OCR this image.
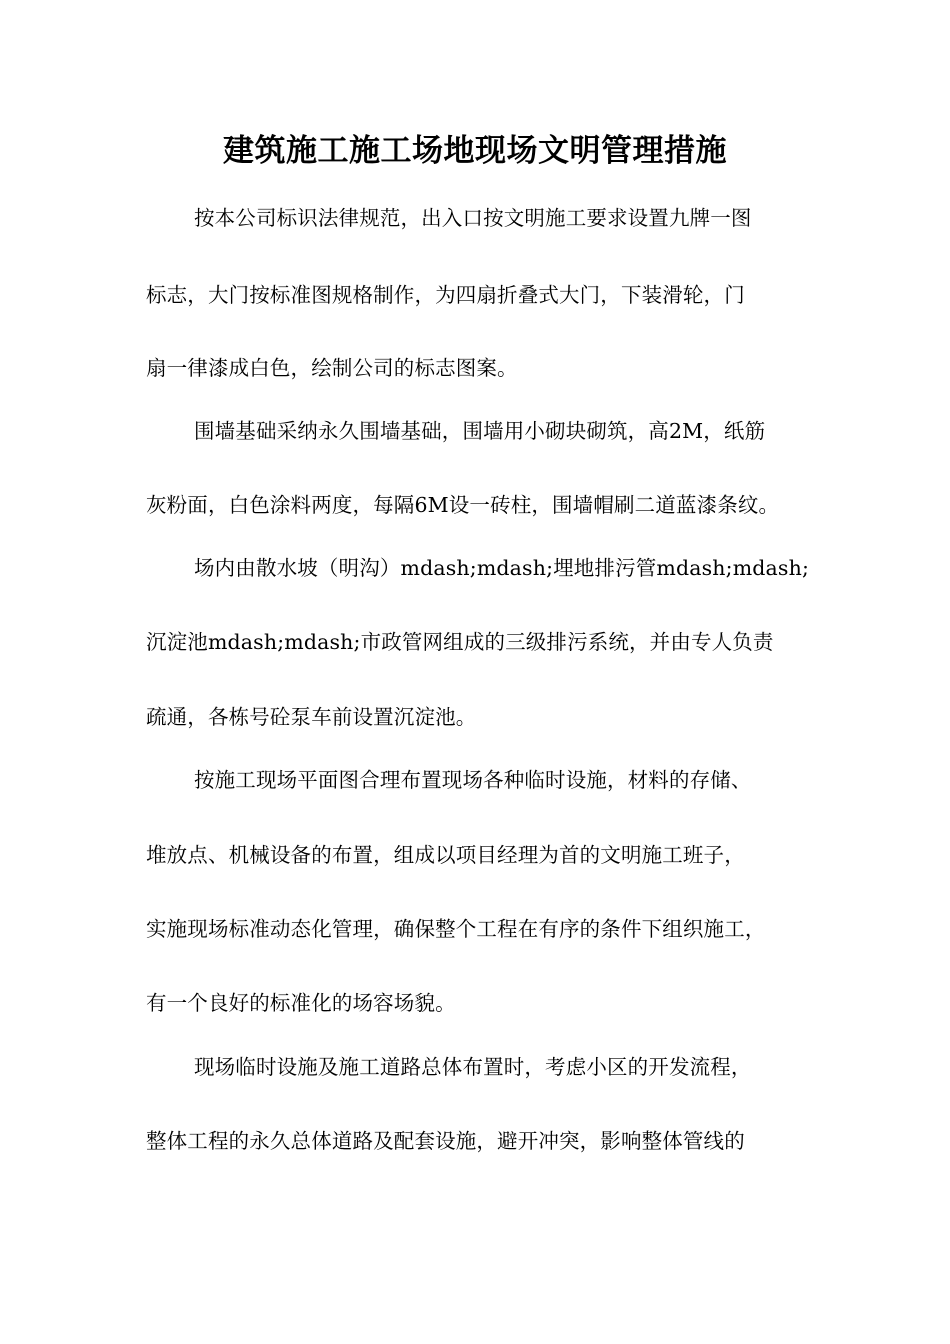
建筑施工施工场地现场文明管理措施
按本公司标识法律规范，出入口按文明施工要求设置九牌一图
标志，大门按标准图规格制作，为四扇折叠式大门，下装滑轮，门
扇一律漆成白色，绘制公司的标志图案。
围墙基础采纳永久围墙基础，围墙用小砌块砌筑，高2M，纸筋
灰粉面，白色涂料两度，每隔6M设一砖柱，围墙帽刷二道蓝漆条纹。
场内由散水坡（明沟）mdash;mdash;埋地排污管mdash;mdash;
沉淀池mdash;mdash;市政管网组成的三级排污系统，并由专人负责
疏通，各栋号砼泵车前设置沉淀池。
按施工现场平面图合理布置现场各种临时设施，材料的存储、
堆放点、机械设备的布置，组成以项目经理为首的文明施工班子，
实施现场标准动态化管理，确保整个工程在有序的条件下组织施工，
有一个良好的标准化的场容场貌。
现场临时设施及施工道路总体布置时，考虑小区的开发流程，
整体工程的永久总体道路及配套设施，避开冲突，影响整体管线的
